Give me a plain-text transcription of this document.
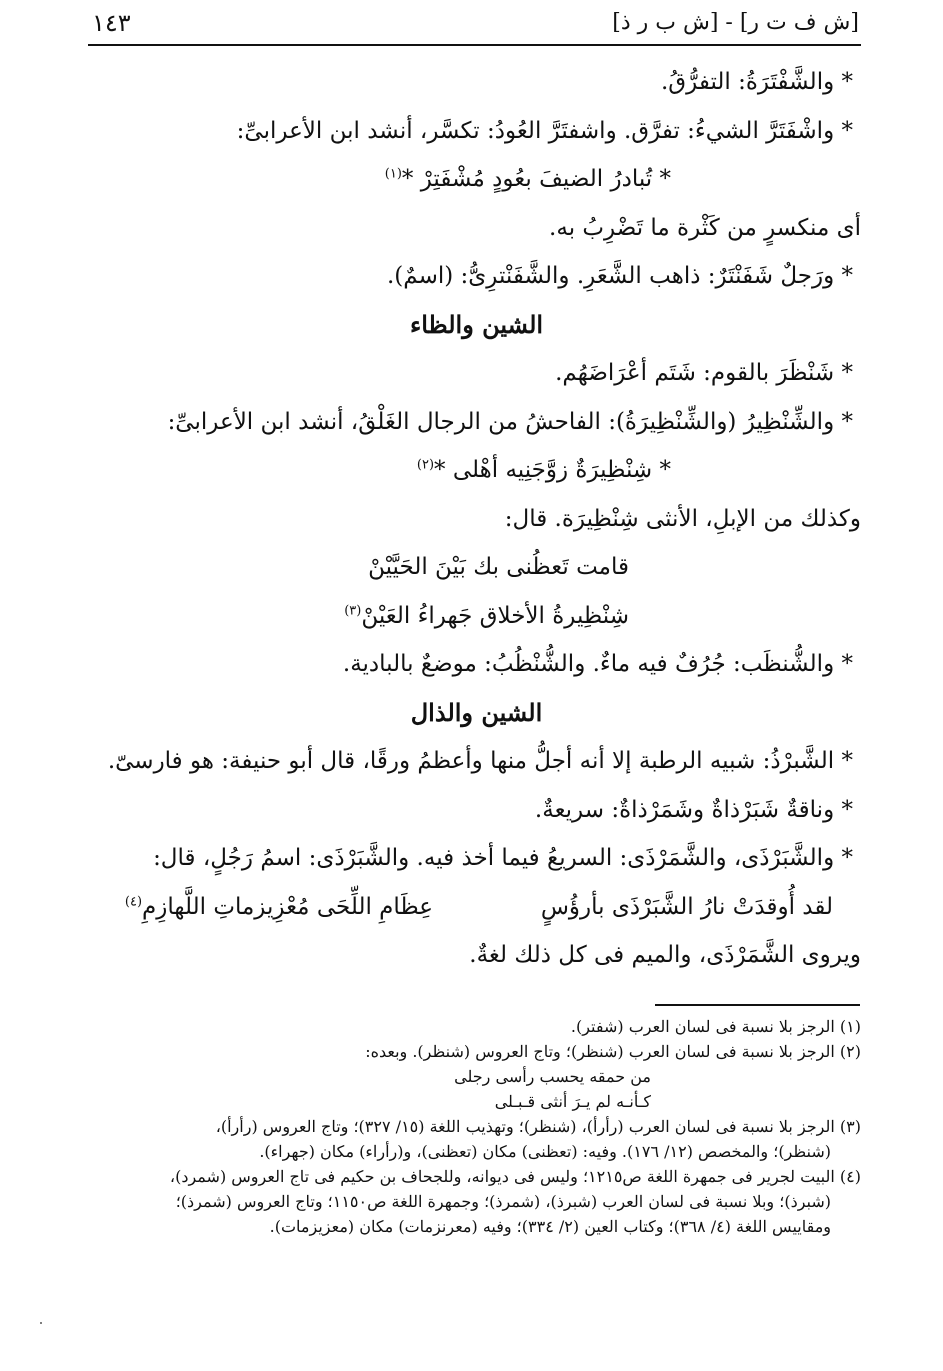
١٤٣	[ش ف ت ر] - [ش ب ر ذ]
* والشَّفْتَرَةُ: التفرُّقُ.
* واشْفَتَرَّ الشيءُ: تفرَّق. واشفتَرَّ العُودُ: تكسَّر، أنشد ابن الأعرابىِّ:
* تُبادرُ الضيفَ بعُودٍ مُشْفَتِرْ *$^{(١)}$
أى منكسرٍ من كَثْرة ما تَضْرِبُ به.
* ورَجلٌ شَفَنْتَرٌ: ذاهب الشَّعَرِ. والشَّفَنْترِىُّ: (اسمٌ).
الشين والظاء
* شَنْظَرَ بالقوم: شَتَم أعْرَاضَهُم.
* والشِّنْظِيرُ (والشِّنْظِيرَةُ): الفاحشُ من الرجال الغَلْقُ، أنشد ابن الأعرابىِّ:
* شِنْظِيرَةٌ زوَّجَنِيه أهْلى *$^{(٢)}$
وكذلك من الإبلِ، الأنثى شِنْظِيرَة. قال:
قامت تَعظُنى بك بَيْنَ الحَيَّيْنْ
شِنْظِيرةُ الأخلاق جَهراءُ العَيْنْ$^{(٣)}$
* والشُّنظَب: جُرُفٌ فيه ماءٌ. والشُّنْظُبُ: موضعٌ بالبادية.
الشين والذال
* الشَّبرْذُ: شبيه الرطبة إلا أنه أجلُّ منها وأعظمُ ورقًا، قال أبو حنيفة: هو فارسىّ.
* وناقةٌ شَبَرْذاةٌ وشَمَرْذاةٌ: سريعةٌ.
* والشَّبَرْذَى، والشَّمَرْذَى: السريعُ فيما أخذ فيه. والشَّبَرْذَى: اسمُ رَجُلٍ، قال:
لقد أُوقدَتْ نارُ الشَّبَرْذَى بأرؤُسٍعِظَامِ اللِّحَى مُعْزِيزماتِ اللَّهازِمِ$^{(٤)}$
ويروى الشَّمَرْذَى، والميم فى كل ذلك لغةٌ.
(١) الرجز بلا نسبة فى لسان العرب (شفتر).
(٢) الرجز بلا نسبة فى لسان العرب (شنظر)؛ وتاج العروس (شنظر). وبعده:
من حمقه يحسب رأسى رجلى
كـأنـه لم يـرَ أنثى قـبـلى
(٣) الرجز بلا نسبة فى لسان العرب (رأرأ)، (شنظر)؛ وتهذيب اللغة (١٥/ ٣٢٧)؛ وتاج العروس (رأرأ)،
(شنظر)؛ والمخصص (١٢/ ١٧٦). وفيه: (تعظنى) مكان (تعظنى)، و(رأراء) مكان (جهراء).
(٤) البيت لجرير فى جمهرة اللغة ص١٢١٥؛ وليس فى ديوانه، وللجحاف بن حكيم فى تاج العروس (شمرد)،
(شبرذ)؛ وبلا نسبة فى لسان العرب (شبرذ)، (شمرذ)؛ وجمهرة اللغة ص١١٥٠؛ وتاج العروس (شمرذ)؛
ومقاييس اللغة (٤/ ٣٦٨)؛ وكتاب العين (٢/ ٣٣٤)؛ وفيه (معرنزمات) مكان (معزيزمات).
